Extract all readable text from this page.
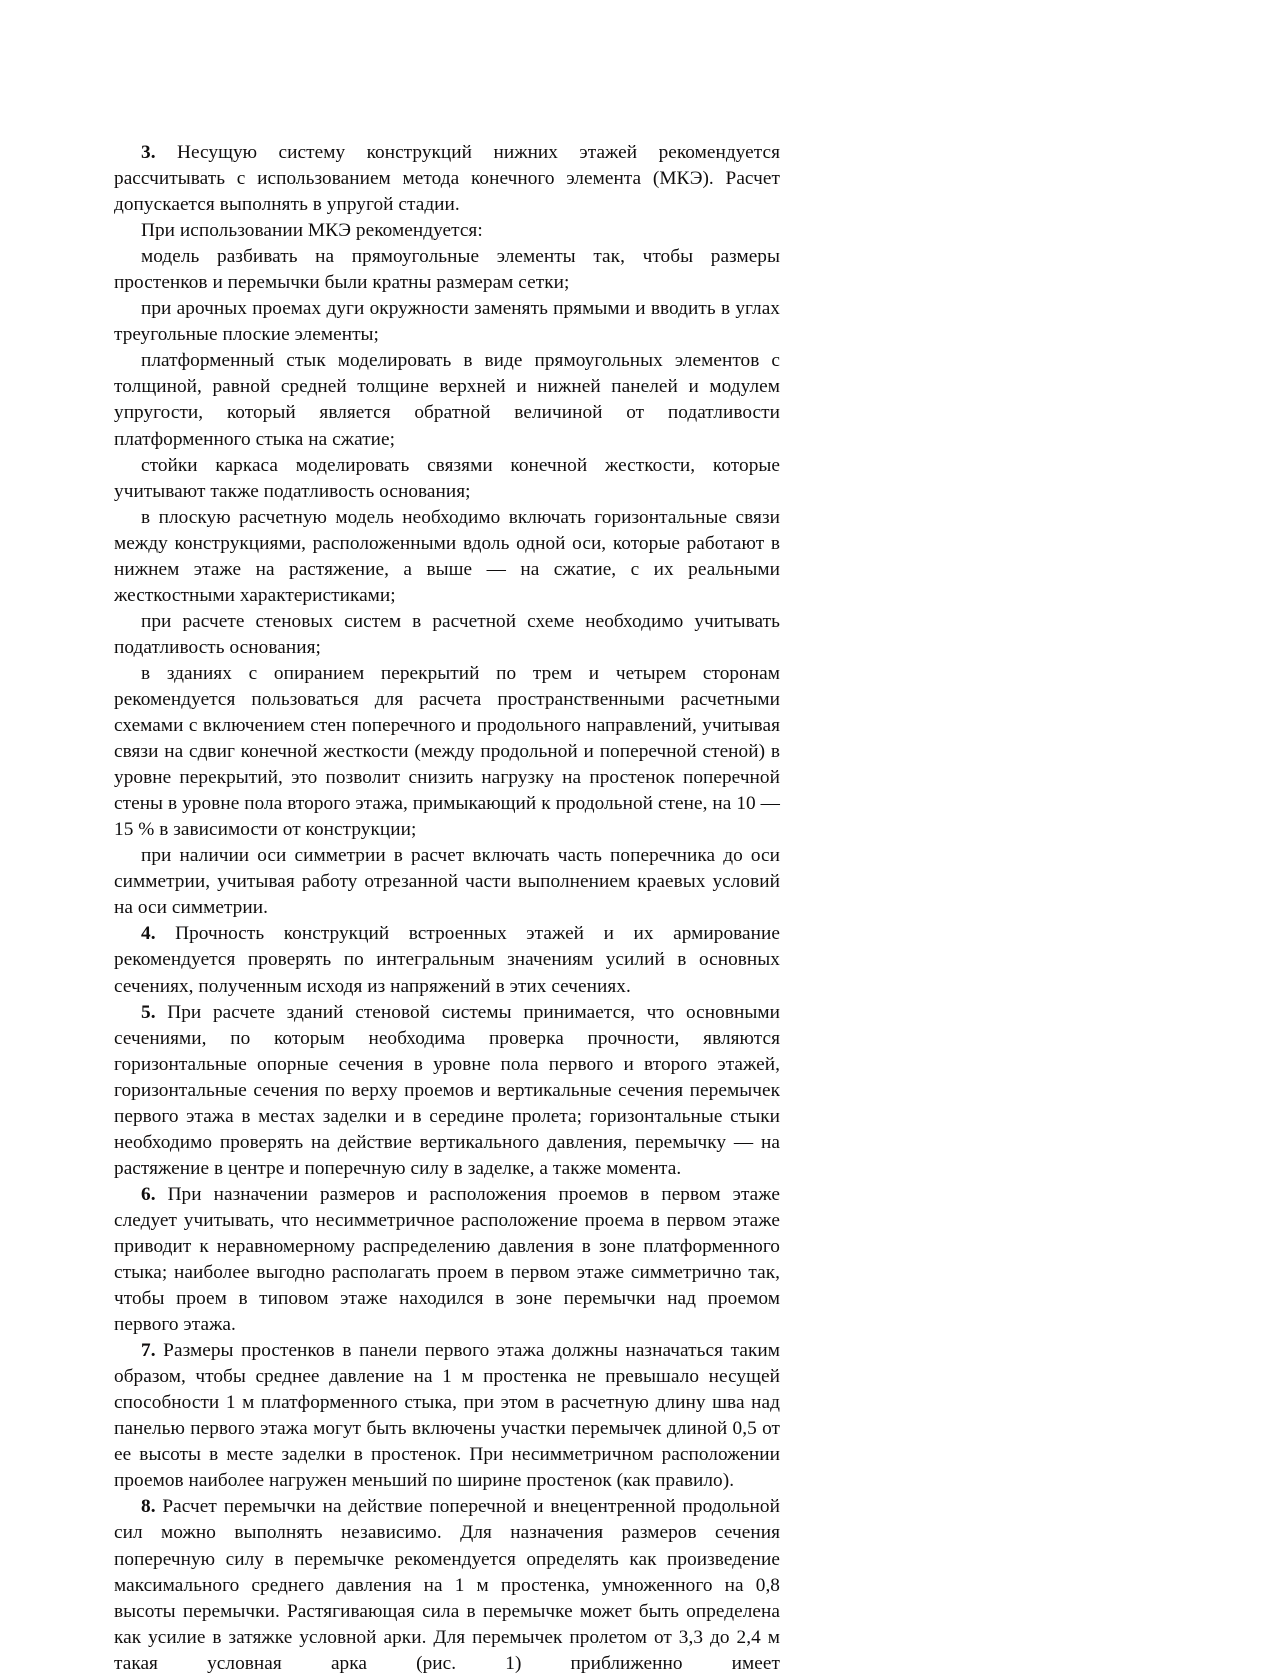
3. Несущую систему конструкций нижних этажей рекомендуется рассчитывать с использованием метода конечного элемента (МКЭ). Расчет допускается выполнять в упругой стадии.

При использовании МКЭ рекомендуется:

модель разбивать на прямоугольные элементы так, чтобы размеры простенков и перемычки были кратны размерам сетки;

при арочных проемах дуги окружности заменять прямыми и вводить в углах треугольные плоские элементы;

платформенный стык моделировать в виде прямоугольных элементов с толщиной, равной средней толщине верхней и нижней панелей и модулем упругости, который является обратной величиной от податливости платформенного стыка на сжатие;

стойки каркаса моделировать связями конечной жесткости, которые учитывают также податливость основания;

в плоскую расчетную модель необходимо включать горизонтальные связи между конструкциями, расположенными вдоль одной оси, которые работают в нижнем этаже на растяжение, а выше — на сжатие, с их реальными жесткостными характеристиками;

при расчете стеновых систем в расчетной схеме необходимо учитывать податливость основания;

в зданиях с опиранием перекрытий по трем и четырем сторонам рекомендуется пользоваться для расчета пространственными расчетными схемами с включением стен поперечного и продольного направлений, учитывая связи на сдвиг конечной жесткости (между продольной и поперечной стеной) в уровне перекрытий, это позволит снизить нагрузку на простенок поперечной стены в уровне пола второго этажа, примыкающий к продольной стене, на 10 — 15 % в зависимости от конструкции;

при наличии оси симметрии в расчет включать часть поперечника до оси симметрии, учитывая работу отрезанной части выполнением краевых условий на оси симметрии.

4. Прочность конструкций встроенных этажей и их армирование рекомендуется проверять по интегральным значениям усилий в основных сечениях, полученным исходя из напряжений в этих сечениях.

5. При расчете зданий стеновой системы принимается, что основными сечениями, по которым необходима проверка прочности, являются горизонтальные опорные сечения в уровне пола первого и второго этажей, горизонтальные сечения по верху проемов и вертикальные сечения перемычек первого этажа в местах заделки и в середине пролета; горизонтальные стыки необходимо проверять на действие вертикального давления, перемычку — на растяжение в центре и поперечную силу в заделке, а также момента.

6. При назначении размеров и расположения проемов в первом этаже следует учитывать, что несимметричное расположение проема в первом этаже приводит к неравномерному распределению давления в зоне платформенного стыка; наиболее выгодно располагать проем в первом этаже симметрично так, чтобы проем в типовом этаже находился в зоне перемычки над проемом первого этажа.

7. Размеры простенков в панели первого этажа должны назначаться таким образом, чтобы среднее давление на 1 м простенка не превышало несущей способности 1 м платформенного стыка, при этом в расчетную длину шва над панелью первого этажа могут быть включены участки перемычек длиной 0,5 от ее высоты в месте заделки в простенок. При несимметричном расположении проемов наиболее нагружен меньший по ширине простенок (как правило).

8. Расчет перемычки на действие поперечной и внецентренной продольной сил можно выполнять независимо. Для назначения размеров сечения поперечную силу в перемычке рекомендуется определять как произведение максимального среднего давления на 1 м простенка, умноженного на 0,8 высоты перемычки. Растягивающая сила в перемычке может быть определена как усилие в затяжке условной арки. Для перемычек пролетом от 3,3 до 2,4 м такая условная арка (рис. 1) приближенно имеет
